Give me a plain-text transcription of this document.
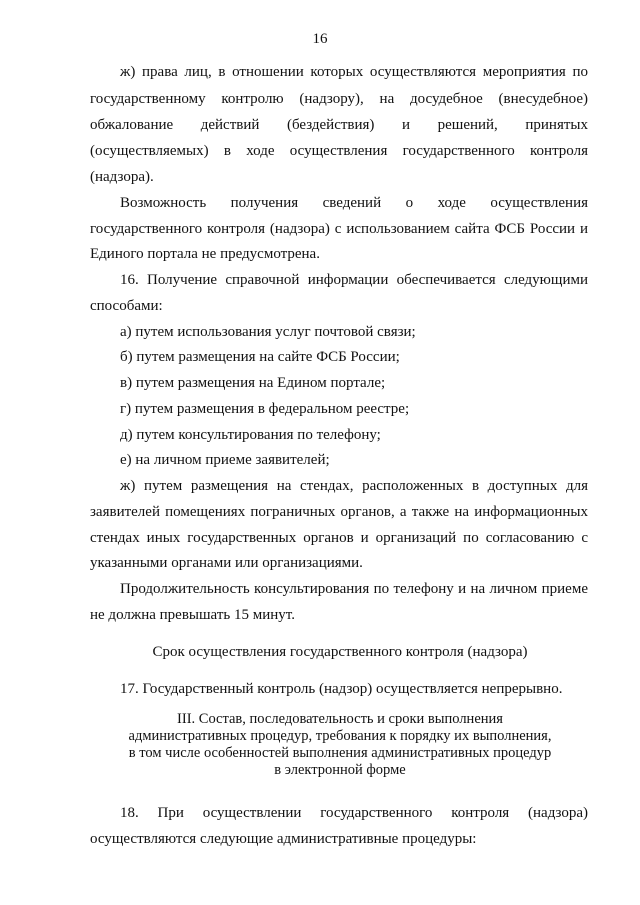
16
ж) права лиц, в отношении которых осуществляются мероприятия по
государственному контролю (надзору), на досудебное (внесудебное)
обжалование действий (бездействия) и решений, принятых
(осуществляемых) в ходе осуществления государственного контроля
(надзора).
Возможность получения сведений о ходе осуществления
государственного контроля (надзора) с использованием сайта ФСБ России и
Единого портала не предусмотрена.
16. Получение справочной информации обеспечивается следующими
способами:
а) путем использования услуг почтовой связи;
б) путем размещения на сайте ФСБ России;
в) путем размещения на Едином портале;
г) путем размещения в федеральном реестре;
д) путем консультирования по телефону;
е) на личном приеме заявителей;
ж) путем размещения на стендах, расположенных в доступных для
заявителей помещениях пограничных органов, а также на информационных
стендах иных государственных органов и организаций по согласованию с
указанными органами или организациями.
Продолжительность консультирования по телефону и на личном приеме
не должна превышать 15 минут.
Срок осуществления государственного контроля (надзора)
17. Государственный контроль (надзор) осуществляется непрерывно.
III. Состав, последовательность и сроки выполнения
административных процедур, требования к порядку их выполнения,
в том числе особенностей выполнения административных процедур
в электронной форме
18. При осуществлении государственного контроля (надзора)
осуществляются следующие административные процедуры:
